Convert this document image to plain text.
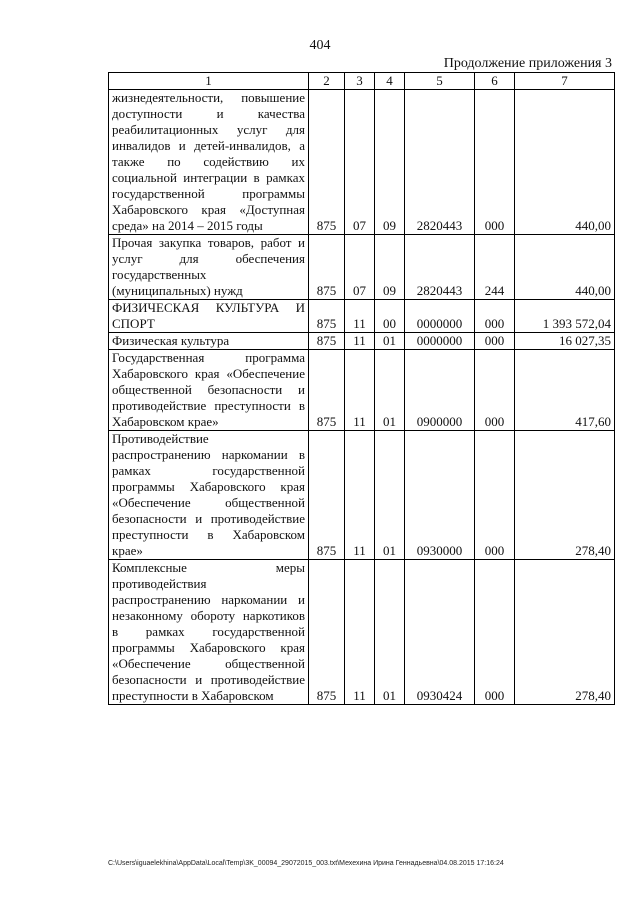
404
Продолжение приложения 3
1	2	3	4	5	6	7
жизнедеятельности, повышение доступности и качества реабилитационных услуг для инвалидов и детей-инвалидов, а также по содействию их социальной интеграции в рамках государственной программы Хабаровского края «Доступная среда» на 2014 – 2015 годы	875	07	09	2820443	000	440,00
Прочая закупка товаров, работ и услуг для обеспечения государственных (муниципальных) нужд	875	07	09	2820443	244	440,00
ФИЗИЧЕСКАЯ КУЛЬТУРА И СПОРТ	875	11	00	0000000	000	1 393 572,04
Физическая культура	875	11	01	0000000	000	16 027,35
Государственная программа Хабаровского края «Обеспечение общественной безопасности и противодействие преступности в Хабаровском крае»	875	11	01	0900000	000	417,60
Противодействие распространению наркомании в рамках государственной программы Хабаровского края «Обеспечение общественной безопасности и противодействие преступности в Хабаровском крае»	875	11	01	0930000	000	278,40
Комплексные меры противодействия распространению наркомании и незаконному обороту наркотиков в рамках государственной программы Хабаровского края «Обеспечение общественной безопасности и противодействие преступности в Хабаровском	875	11	01	0930424	000	278,40
C:\Users\iguaelekhina\AppData\Local\Temp\3K_00094_29072015_003.txt\Мехехина Ирина Геннадьевна\04.08.2015 17:16:24
